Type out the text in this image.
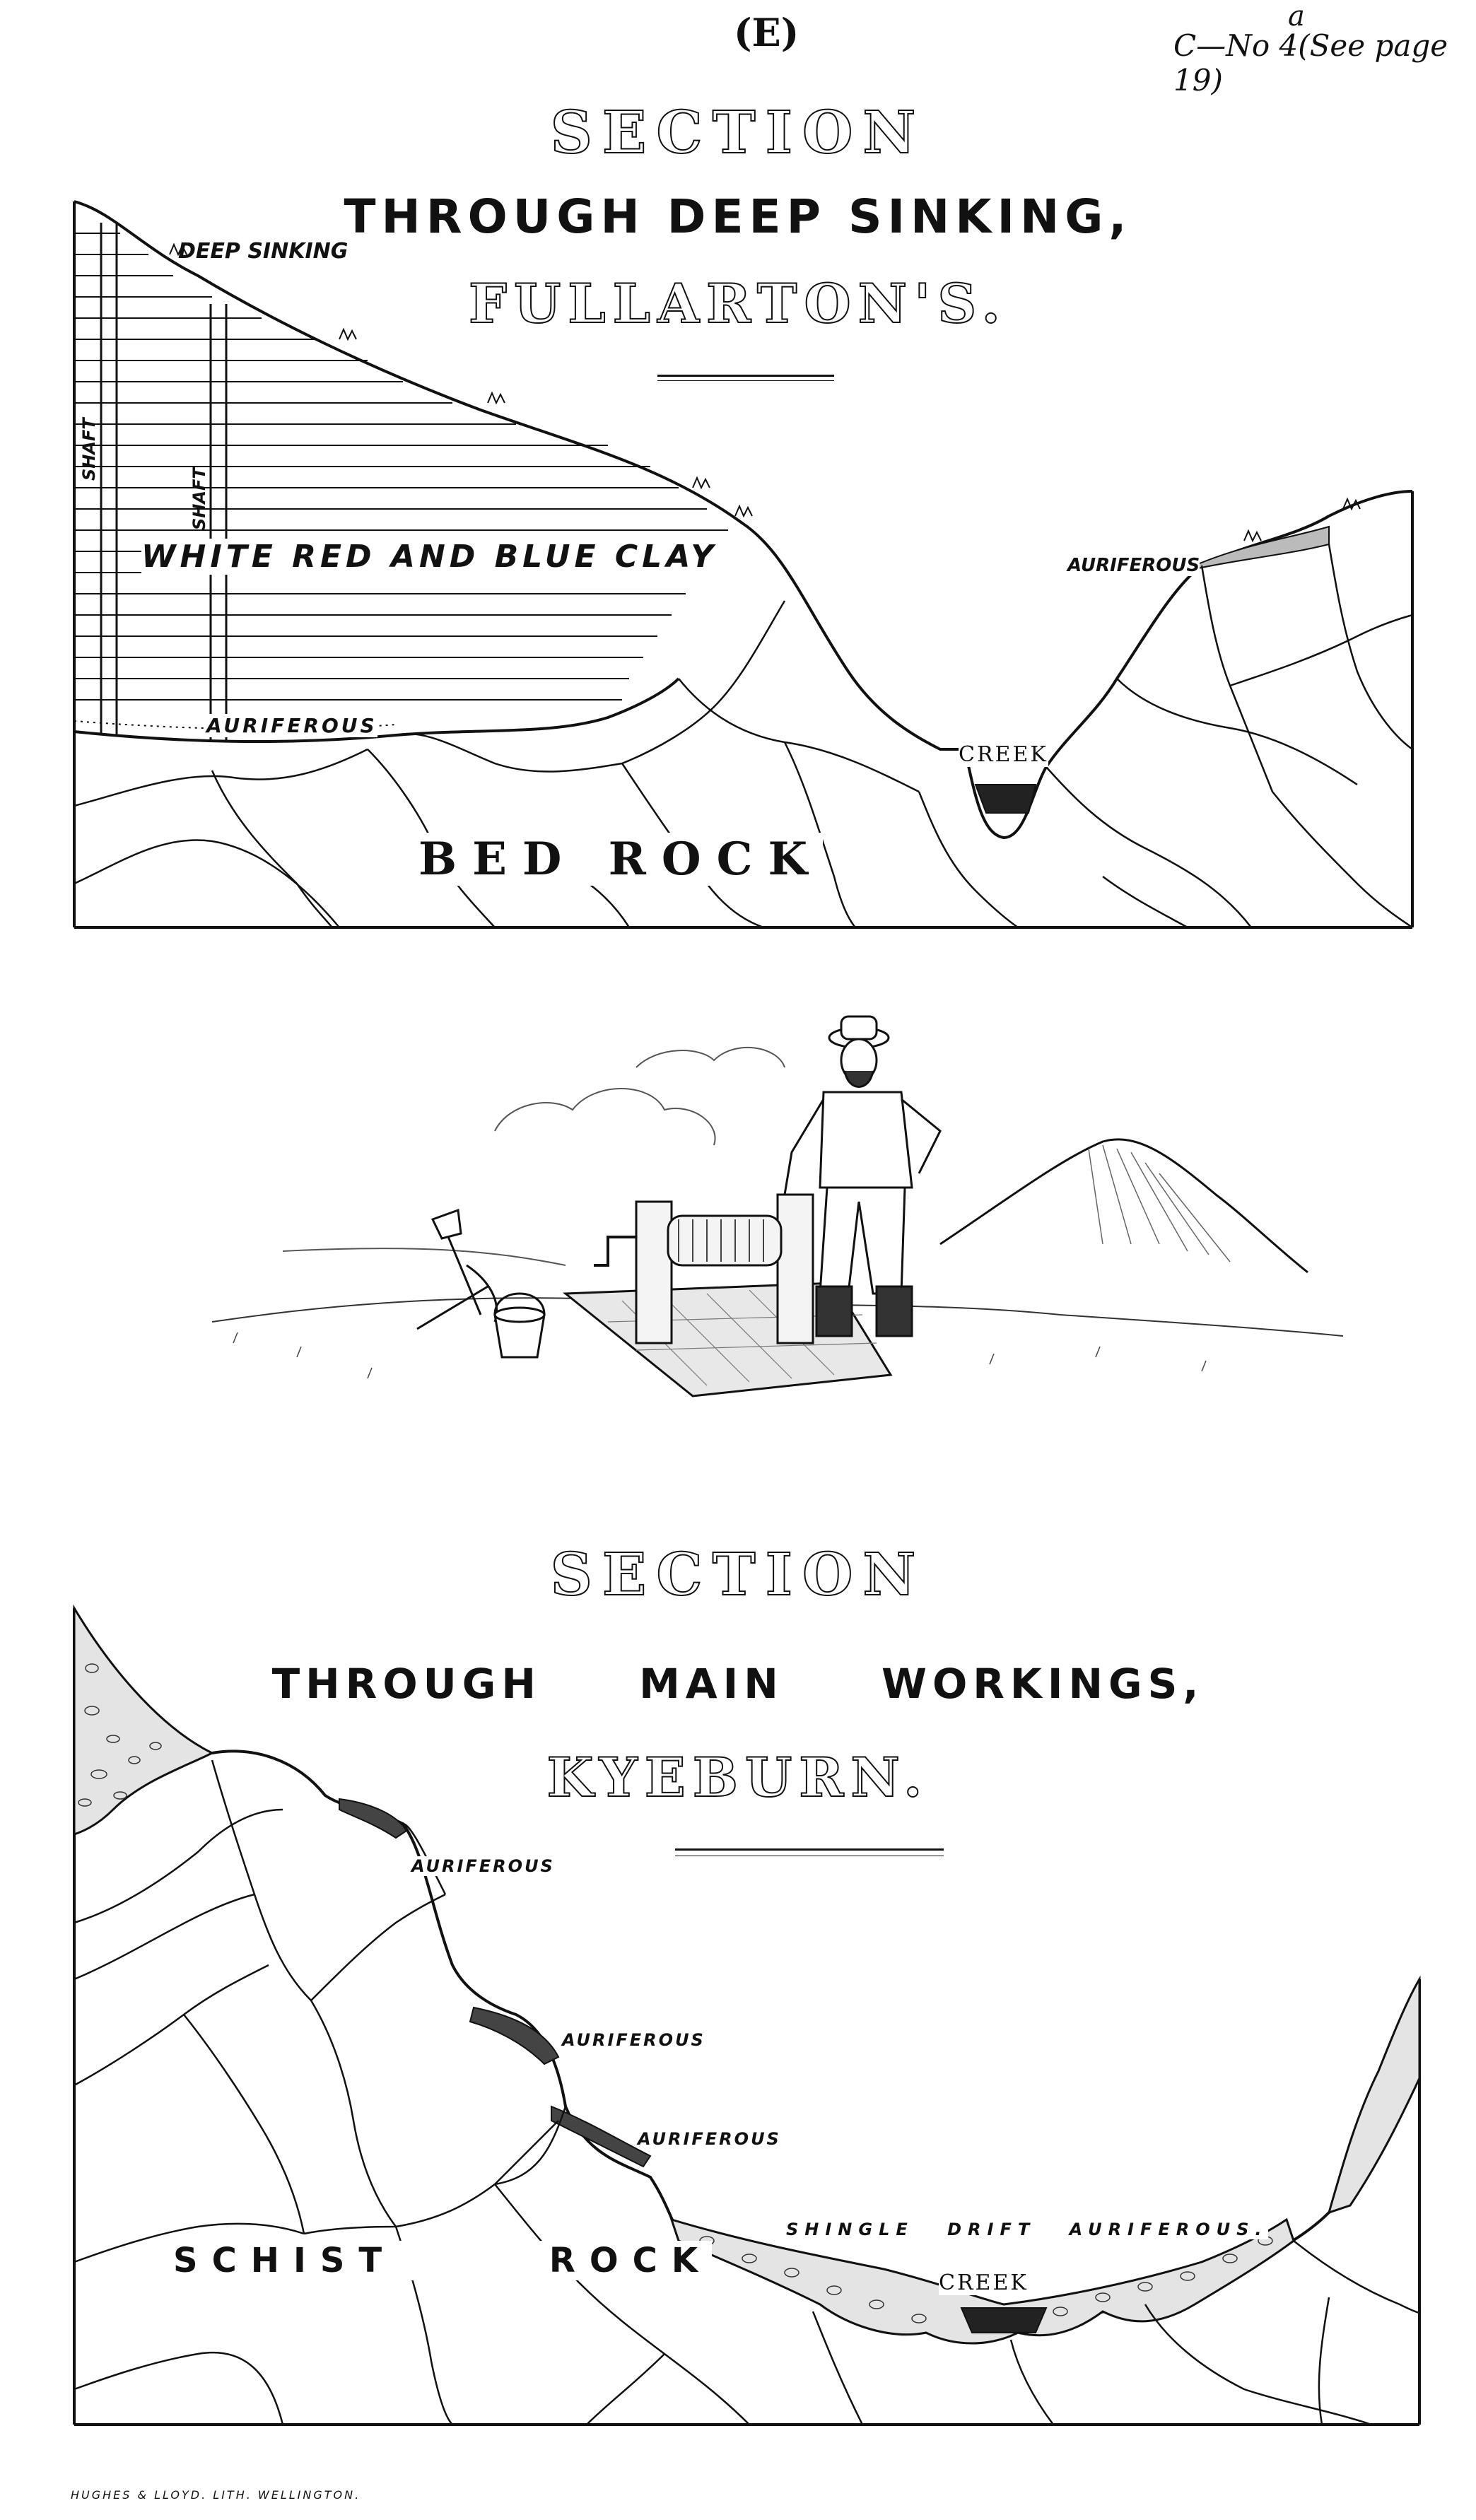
(E)	a
C—No 4(See page 19)
SECTION
THROUGH DEEP SINKING,
FULLARTON'S.
DEEP SINKING
SHAFT
SHAFT
WHITE RED AND BLUE CLAY
AURIFEROUS
AURIFEROUS
CREEK
BED ROCK
SECTION
THROUGH MAIN WORKINGS,
KYEBURN.
AURIFEROUS
AURIFEROUS
AURIFEROUS
SHINGLE DRIFT AURIFEROUS.
CREEK
SCHIST ROCK
HUGHES & LLOYD. LITH. WELLINGTON.
